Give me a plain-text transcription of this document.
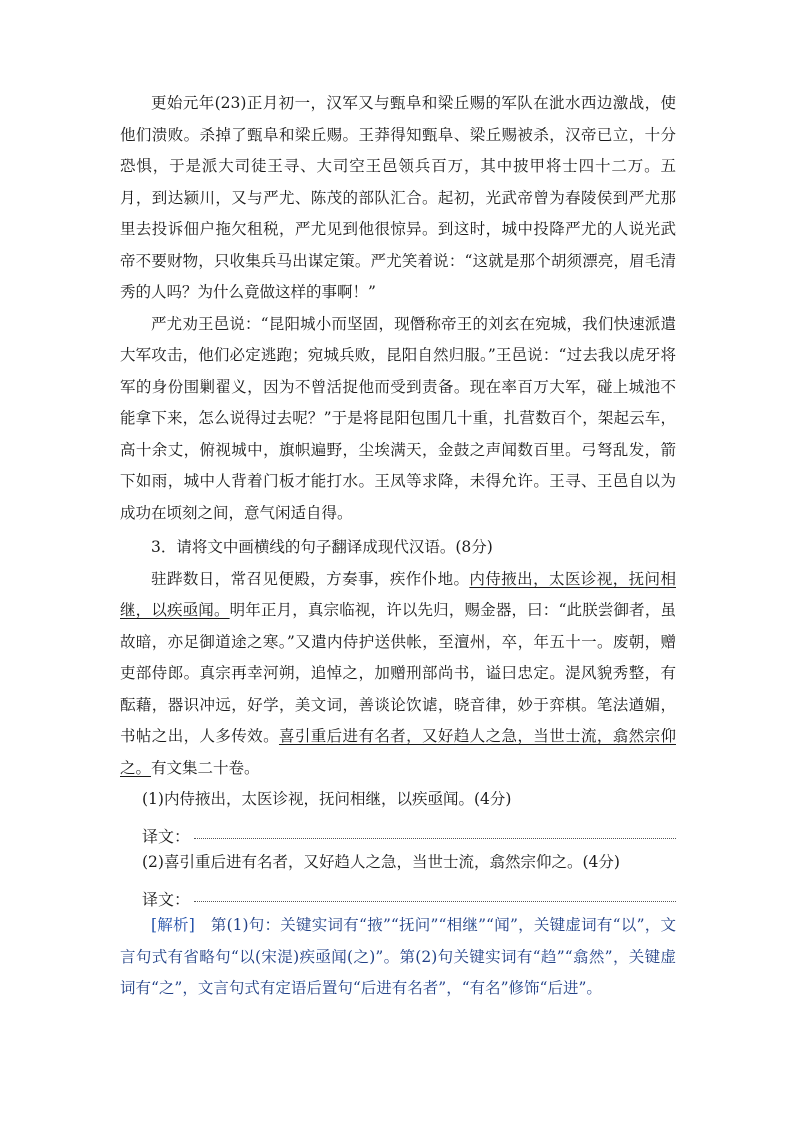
更始元年(23)正月初一，汉军又与甄阜和梁丘赐的军队在泚水西边激战，使他们溃败。杀掉了甄阜和梁丘赐。王莽得知甄阜、梁丘赐被杀，汉帝已立，十分恐惧，于是派大司徒王寻、大司空王邑领兵百万，其中披甲将士四十二万。五月，到达颍川，又与严尤、陈茂的部队汇合。起初，光武帝曾为春陵侯到严尤那里去投诉佃户拖欠租税，严尤见到他很惊异。到这时，城中投降严尤的人说光武帝不要财物，只收集兵马出谋定策。严尤笑着说：“这就是那个胡须漂亮，眉毛清秀的人吗？为什么竟做这样的事啊！”

严尤劝王邑说：“昆阳城小而坚固，现僭称帝王的刘玄在宛城，我们快速派遣大军攻击，他们必定逃跑；宛城兵败，昆阳自然归服。”王邑说：“过去我以虎牙将军的身份围剿翟义，因为不曾活捉他而受到责备。现在率百万大军，碰上城池不能拿下来，怎么说得过去呢？”于是将昆阳包围几十重，扎营数百个，架起云车，高十余丈，俯视城中，旗帜遍野，尘埃满天，金鼓之声闻数百里。弓弩乱发，箭下如雨，城中人背着门板才能打水。王凤等求降，未得允许。王寻、王邑自以为成功在顷刻之间，意气闲适自得。

3．请将文中画横线的句子翻译成现代汉语。(8分)

驻跸数日，常召见便殿，方奏事，疾作仆地。内侍掖出，太医诊视，抚问相继，以疾亟闻。明年正月，真宗临视，许以先归，赐金器，曰：“此朕尝御者，虽故暗，亦足御道途之寒。”又遣内侍护送供帐，至澶州，卒，年五十一。废朝，赠吏部侍郎。真宗再幸河朔，追悼之，加赠刑部尚书，谥曰忠定。湜风貌秀整，有酝藉，器识冲远，好学，美文词，善谈论饮谑，晓音律，妙于弈棋。笔法遒媚，书帖之出，人多传效。喜引重后进有名者，又好趋人之急，当世士流，翕然宗仰之。有文集二十卷。

(1)内侍掖出，太医诊视，抚问相继，以疾亟闻。(4分)

译文：

(2)喜引重后进有名者，又好趋人之急，当世士流，翕然宗仰之。(4分)

译文：

[解析]　第(1)句：关键实词有“掖”“抚问”“相继”“闻”，关键虚词有“以”，文言句式有省略句“以(宋湜)疾亟闻(之)”。第(2)句关键实词有“趋”“翕然”，关键虚词有“之”，文言句式有定语后置句“后进有名者”，“有名”修饰“后进”。
